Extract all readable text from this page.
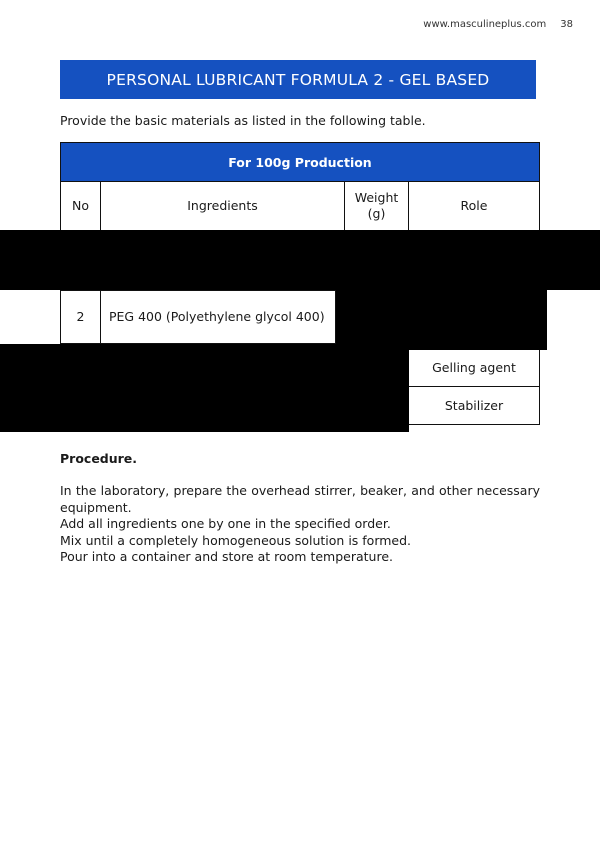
www.masculineplus.com 38
PERSONAL LUBRICANT FORMULA 2 - GEL BASED
Provide the basic materials as listed in the following table.
For 100g Production
No	Ingredients
Weight (g)
Role
2 PEG 400 (Polyethylene glycol 400)
Gelling agent
Stabilizer
Procedure.

In the laboratory, prepare the overhead stirrer, beaker, and other necessary equipment.

Add all ingredients one by one in the specified order.

Mix until a completely homogeneous solution is formed.

Pour into a container and store at room temperature.
